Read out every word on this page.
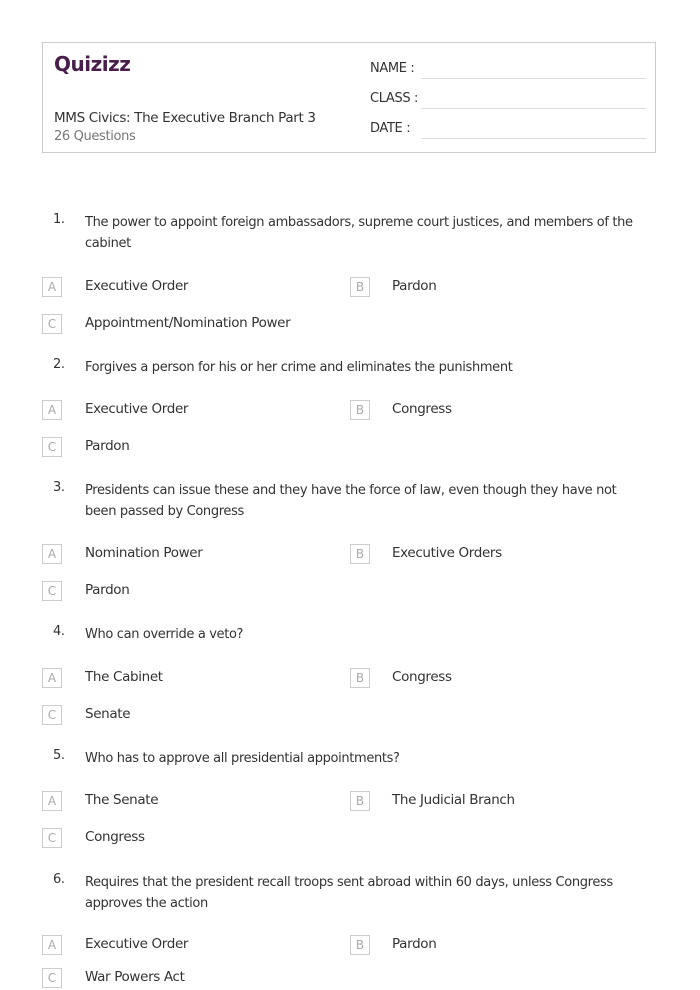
Quizizz
MMS Civics: The Executive Branch Part 3
26 Questions
NAME :
CLASS :
DATE :
1. The power to appoint foreign ambassadors, supreme court justices, and members of the cabinet
A	Executive Order	B	Pardon
C	Appointment/Nomination Power
2. Forgives a person for his or her crime and eliminates the punishment
A	Executive Order	B	Congress
C	Pardon
3. Presidents can issue these and they have the force of law, even though they have not been passed by Congress
A	Nomination Power	B	Executive Orders
C	Pardon
4. Who can override a veto?
A	The Cabinet	B	Congress
C	Senate
5. Who has to approve all presidential appointments?
A	The Senate	B	The Judicial Branch
C	Congress
6. Requires that the president recall troops sent abroad within 60 days, unless Congress approves the action
A	Executive Order	B	Pardon
C	War Powers Act
